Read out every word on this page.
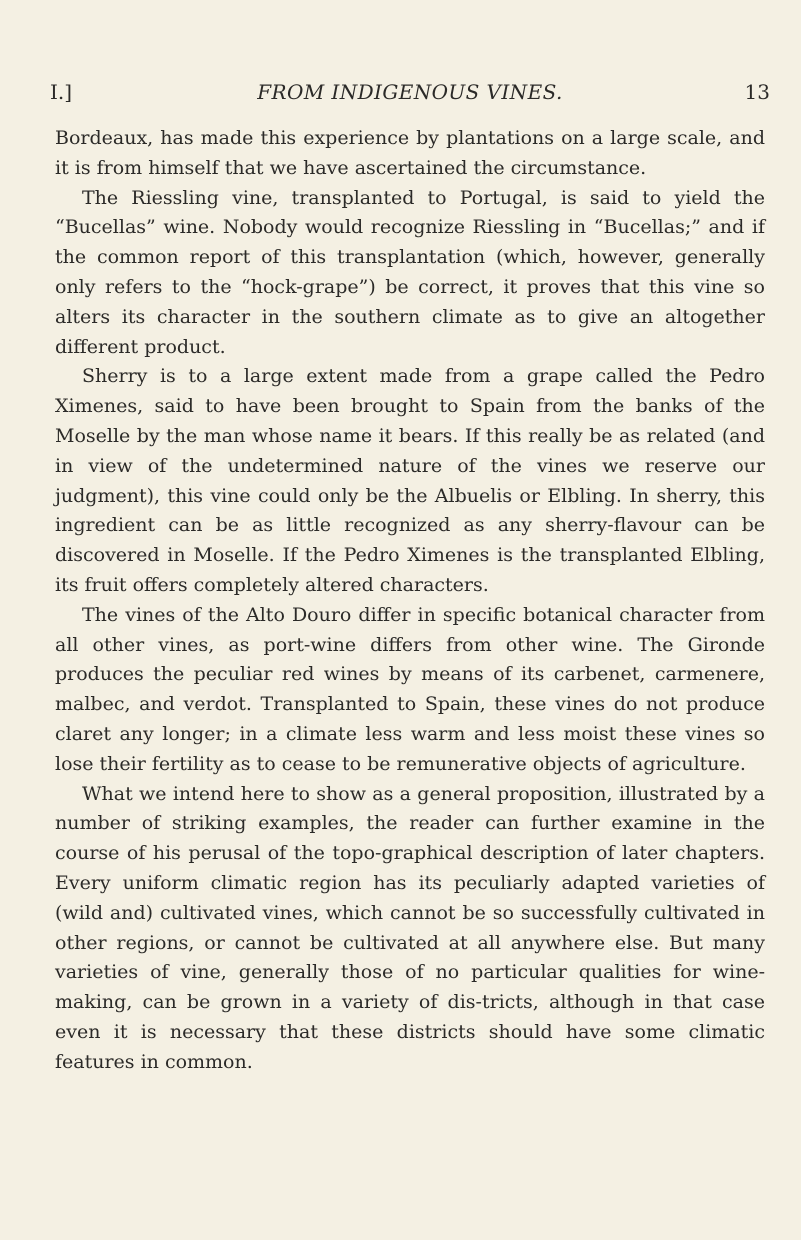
I.]	FROM INDIGENOUS VINES.	13

Bordeaux, has made this experience by plantations on a large scale, and it is from himself that we have ascertained the circumstance.

The Riessling vine, transplanted to Portugal, is said to yield the “Bucellas” wine. Nobody would recognize Riessling in “Bucellas;” and if the common report of this transplantation (which, however, generally only refers to the “hock-grape”) be correct, it proves that this vine so alters its character in the southern climate as to give an altogether different product.

Sherry is to a large extent made from a grape called the Pedro Ximenes, said to have been brought to Spain from the banks of the Moselle by the man whose name it bears. If this really be as related (and in view of the undetermined nature of the vines we reserve our judgment), this vine could only be the Albuelis or Elbling. In sherry, this ingredient can be as little recognized as any sherry-flavour can be discovered in Moselle. If the Pedro Ximenes is the transplanted Elbling, its fruit offers completely altered characters.

The vines of the Alto Douro differ in specific botanical character from all other vines, as port-wine differs from other wine. The Gironde produces the peculiar red wines by means of its carbenet, carmenere, malbec, and verdot. Transplanted to Spain, these vines do not produce claret any longer; in a climate less warm and less moist these vines so lose their fertility as to cease to be remunerative objects of agriculture.

What we intend here to show as a general proposition, illustrated by a number of striking examples, the reader can further examine in the course of his perusal of the topo-graphical description of later chapters. Every uniform climatic region has its peculiarly adapted varieties of (wild and) cultivated vines, which cannot be so successfully cultivated in other regions, or cannot be cultivated at all anywhere else. But many varieties of vine, generally those of no particular qualities for wine-making, can be grown in a variety of dis-tricts, although in that case even it is necessary that these districts should have some climatic features in common.
